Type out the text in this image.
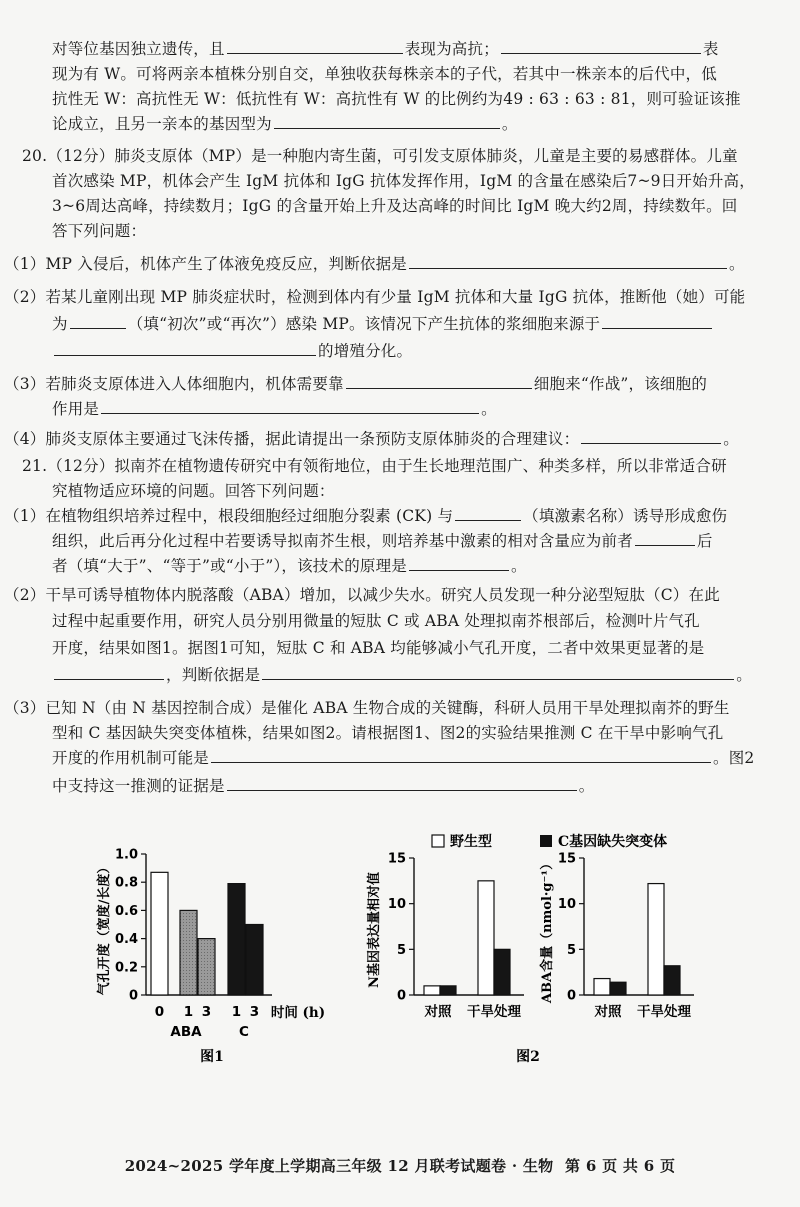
对等位基因独立遗传，且	表现为高抗；	表
现为有 W。可将两亲本植株分别自交，单独收获每株亲本的子代，若其中一株亲本的后代中，低
抗性无 W：高抗性无 W：低抗性有 W：高抗性有 W 的比例约为49 : 63 : 63 : 81，则可验证该推
论成立，且另一亲本的基因型为	。
20.（12分）肺炎支原体（MP）是一种胞内寄生菌，可引发支原体肺炎，儿童是主要的易感群体。儿童
首次感染 MP，机体会产生 IgM 抗体和 IgG 抗体发挥作用，IgM 的含量在感染后7~9日开始升高，
3~6周达高峰，持续数月；IgG 的含量开始上升及达高峰的时间比 IgM 晚大约2周，持续数年。回
答下列问题：
（1）MP 入侵后，机体产生了体液免疫反应，判断依据是	。
（2）若某儿童刚出现 MP 肺炎症状时，检测到体内有少量 IgM 抗体和大量 IgG 抗体，推断他（她）可能
为	（填“初次”或“再次”）感染 MP。该情况下产生抗体的浆细胞来源于
的增殖分化。
（3）若肺炎支原体进入人体细胞内，机体需要靠	细胞来“作战”，该细胞的
作用是	。
（4）肺炎支原体主要通过飞沫传播，据此请提出一条预防支原体肺炎的合理建议：	。
21.（12分）拟南芥在植物遗传研究中有领衔地位，由于生长地理范围广、种类多样，所以非常适合研
究植物适应环境的问题。回答下列问题：
（1）在植物组织培养过程中，根段细胞经过细胞分裂素 (CK) 与	（填激素名称）诱导形成愈伤
组织，此后再分化过程中若要诱导拟南芥生根，则培养基中激素的相对含量应为前者	后
者（填“大于”、“等于”或“小于”），该技术的原理是	。
（2）干旱可诱导植物体内脱落酸（ABA）增加，以减少失水。研究人员发现一种分泌型短肽（C）在此
过程中起重要作用，研究人员分别用微量的短肽 C 或 ABA 处理拟南芥根部后，检测叶片气孔
开度，结果如图1。据图1可知，短肽 C 和 ABA 均能够减小气孔开度，二者中效果更显著的是
，判断依据是	。
（3）已知 N（由 N 基因控制合成）是催化 ABA 生物合成的关键酶，科研人员用干旱处理拟南芥的野生
型和 C 基因缺失突变体植株，结果如图2。请根据图1、图2的实验结果推测 C 在干旱中影响气孔
开度的作用机制可能是	。图2
中支持这一推测的证据是	。
0
0.2
0.4
0.6
0.8
1.0
0 1 3 1 3
气孔开度（宽度/长度）
时间 (h)
ABA	C
图1
野生型	C基因缺失突变体
0
5
10
15
N基因表达量相对值
对照 干旱处理
0
5
10
15
ABA含量（nmol·g⁻¹）
对照 干旱处理
图2
2024~2025 学年度上学期高三年级 12 月联考试题卷 · 生物 第 6 页 共 6 页
